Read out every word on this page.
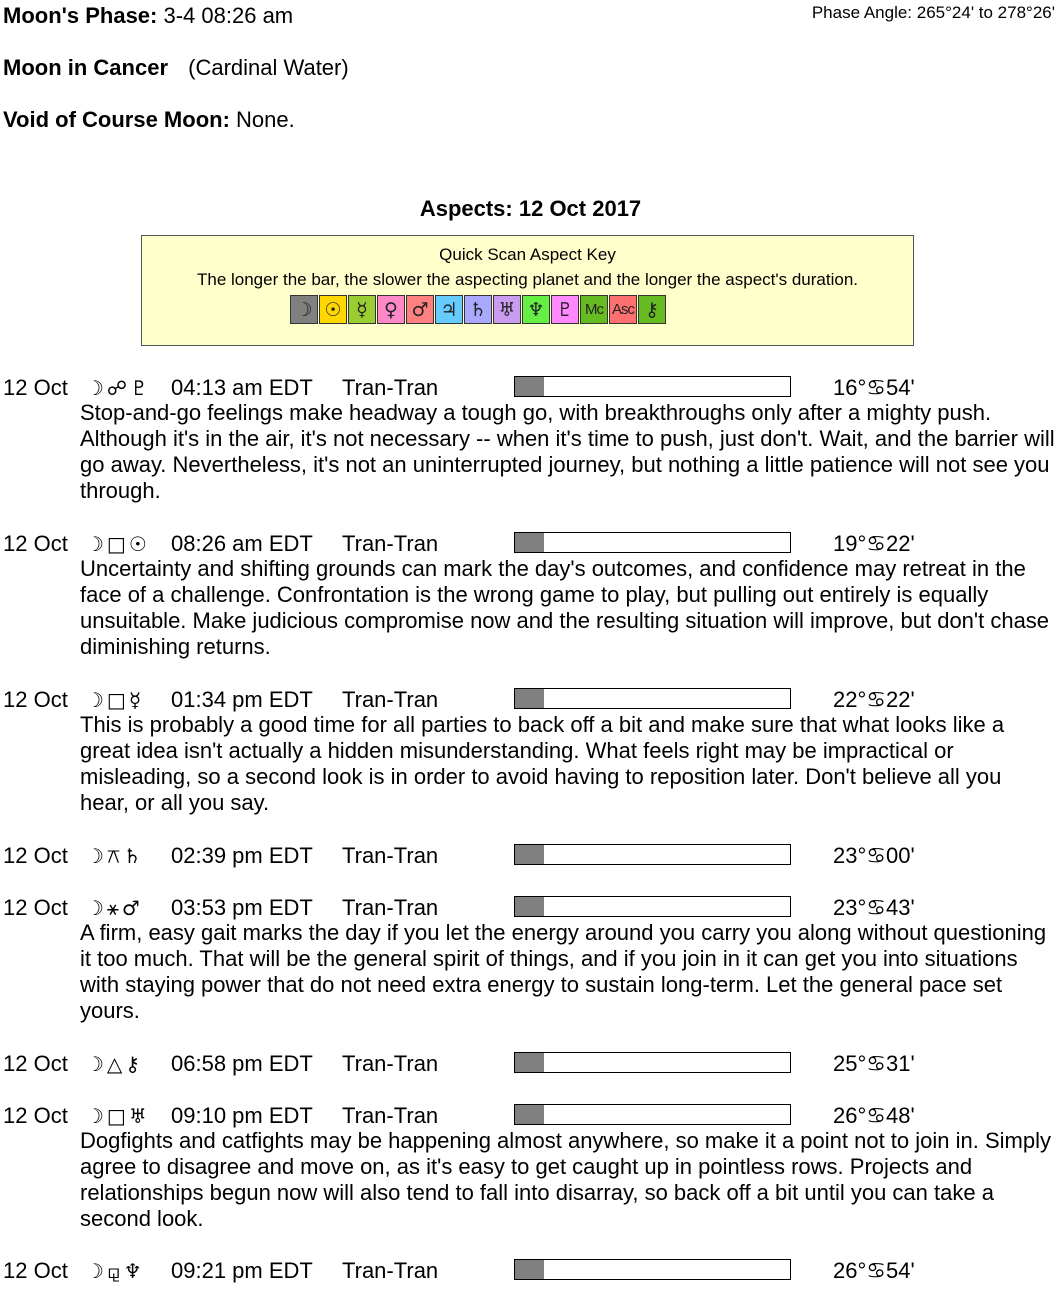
Moon's Phase: 3-4 08:26 am	Phase Angle: 265°24' to 278°26'
Moon in Cancer (Cardinal Water)
Void of Course Moon: None.
Aspects: 12 Oct 2017
Quick Scan Aspect Key
The longer the bar, the slower the aspecting planet and the longer the aspect's duration.
☽ ☉ ☿ ♀ ♂ ♃ ♄ ♅ ♆ ♇ Mc Asc ⚷
12 Oct ☽☍♇ 04:13 am EDT Tran-Tran	16°♋54'
Stop-and-go feelings make headway a tough go, with breakthroughs only after a mighty push. Although it's in the air, it's not necessary -- when it's time to push, just don't. Wait, and the barrier will go away. Nevertheless, it's not an uninterrupted journey, but nothing a little patience will not see you through.
12 Oct ☽□☉ 08:26 am EDT Tran-Tran	19°♋22'
Uncertainty and shifting grounds can mark the day's outcomes, and confidence may retreat in the face of a challenge. Confrontation is the wrong game to play, but pulling out entirely is equally unsuitable. Make judicious compromise now and the resulting situation will improve, but don't chase diminishing returns.
12 Oct ☽□☿ 01:34 pm EDT Tran-Tran	22°♋22'
This is probably a good time for all parties to back off a bit and make sure that what looks like a great idea isn't actually a hidden misunderstanding. What feels right may be impractical or misleading, so a second look is in order to avoid having to reposition later. Don't believe all you hear, or all you say.
12 Oct ☽⚻♄ 02:39 pm EDT Tran-Tran	23°♋00'
12 Oct ☽⚹♂ 03:53 pm EDT Tran-Tran	23°♋43'
A firm, easy gait marks the day if you let the energy around you carry you along without questioning it too much. That will be the general spirit of things, and if you join in it can get you into situations with staying power that do not need extra energy to sustain long-term. Let the general pace set yours.
12 Oct ☽△⚷ 06:58 pm EDT Tran-Tran	25°♋31'
12 Oct ☽□♅ 09:10 pm EDT Tran-Tran	26°♋48'
Dogfights and catfights may be happening almost anywhere, so make it a point not to join in. Simply agree to disagree and move on, as it's easy to get caught up in pointless rows. Projects and relationships begun now will also tend to fall into disarray, so back off a bit until you can take a second look.
12 Oct ☽⚼♆ 09:21 pm EDT Tran-Tran	26°♋54'
